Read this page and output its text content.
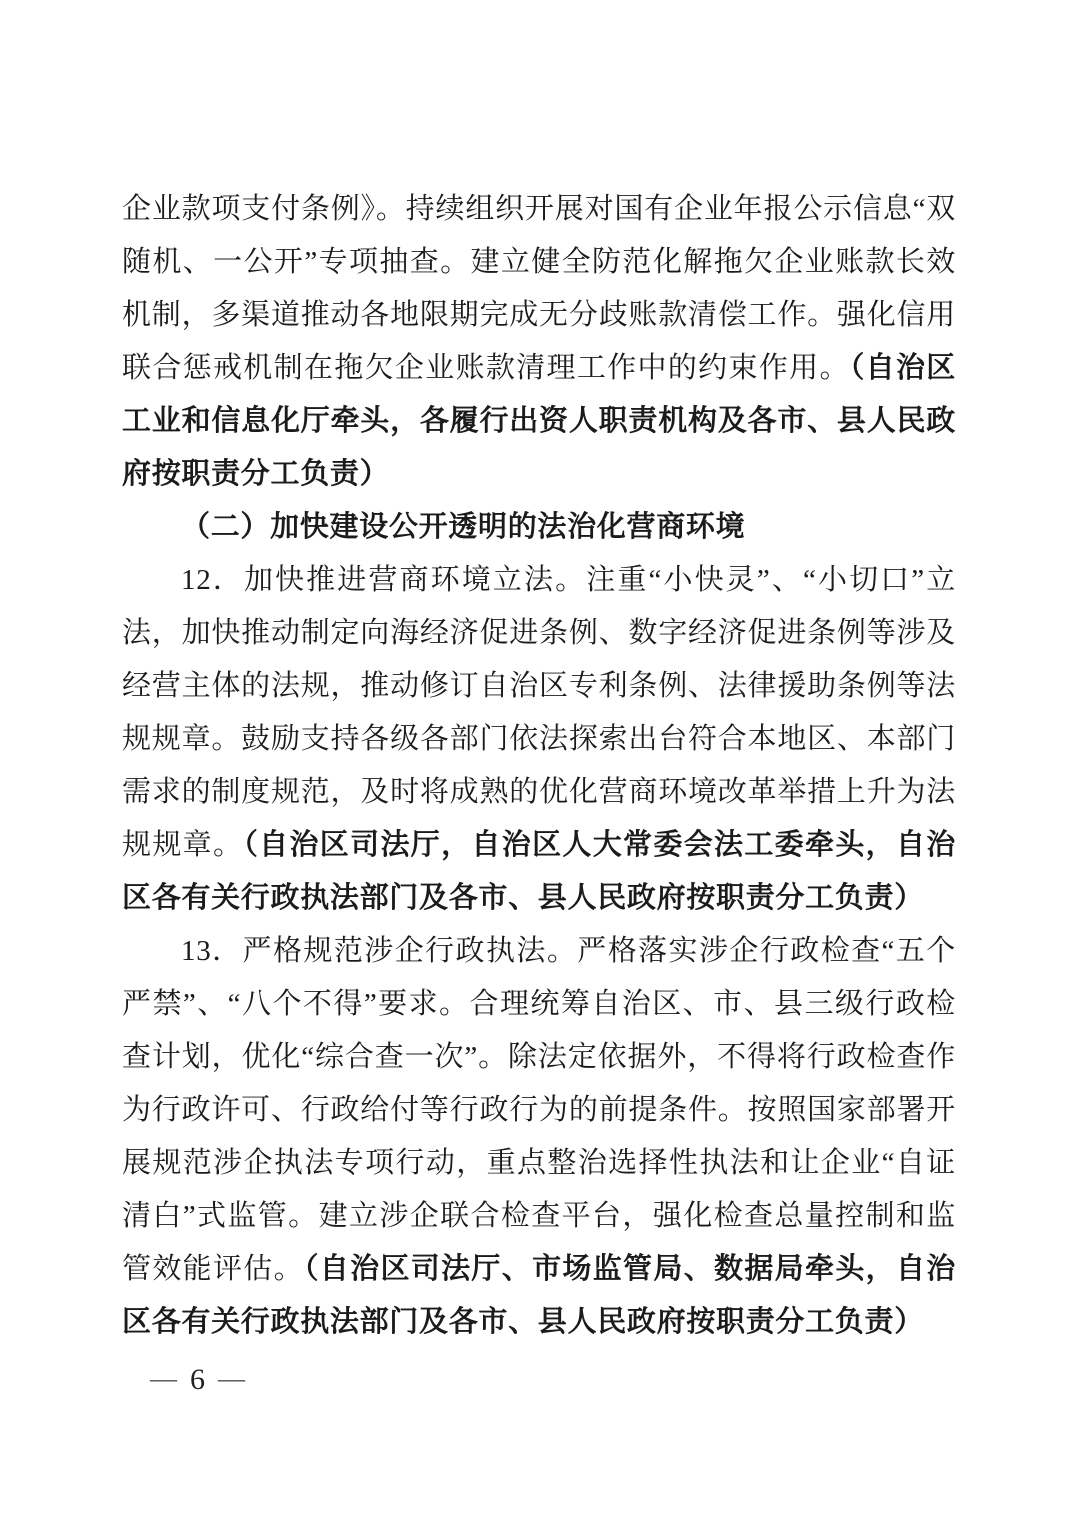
企业款项支付条例》。持续组织开展对国有企业年报公示信息“双随机、一公开”专项抽查。建立健全防范化解拖欠企业账款长效机制，多渠道推动各地限期完成无分歧账款清偿工作。强化信用联合惩戒机制在拖欠企业账款清理工作中的约束作用。（自治区工业和信息化厅牵头，各履行出资人职责机构及各市、县人民政府按职责分工负责）

（二）加快建设公开透明的法治化营商环境

12．加快推进营商环境立法。注重“小快灵”、“小切口”立法，加快推动制定向海经济促进条例、数字经济促进条例等涉及经营主体的法规，推动修订自治区专利条例、法律援助条例等法规规章。鼓励支持各级各部门依法探索出台符合本地区、本部门需求的制度规范，及时将成熟的优化营商环境改革举措上升为法规规章。（自治区司法厅，自治区人大常委会法工委牵头，自治区各有关行政执法部门及各市、县人民政府按职责分工负责）

13．严格规范涉企行政执法。严格落实涉企行政检查“五个严禁”、“八个不得”要求。合理统筹自治区、市、县三级行政检查计划，优化“综合查一次”。除法定依据外，不得将行政检查作为行政许可、行政给付等行政行为的前提条件。按照国家部署开展规范涉企执法专项行动，重点整治选择性执法和让企业“自证清白”式监管。建立涉企联合检查平台，强化检查总量控制和监管效能评估。（自治区司法厅、市场监管局、数据局牵头，自治区各有关行政执法部门及各市、县人民政府按职责分工负责）

— 6 —
